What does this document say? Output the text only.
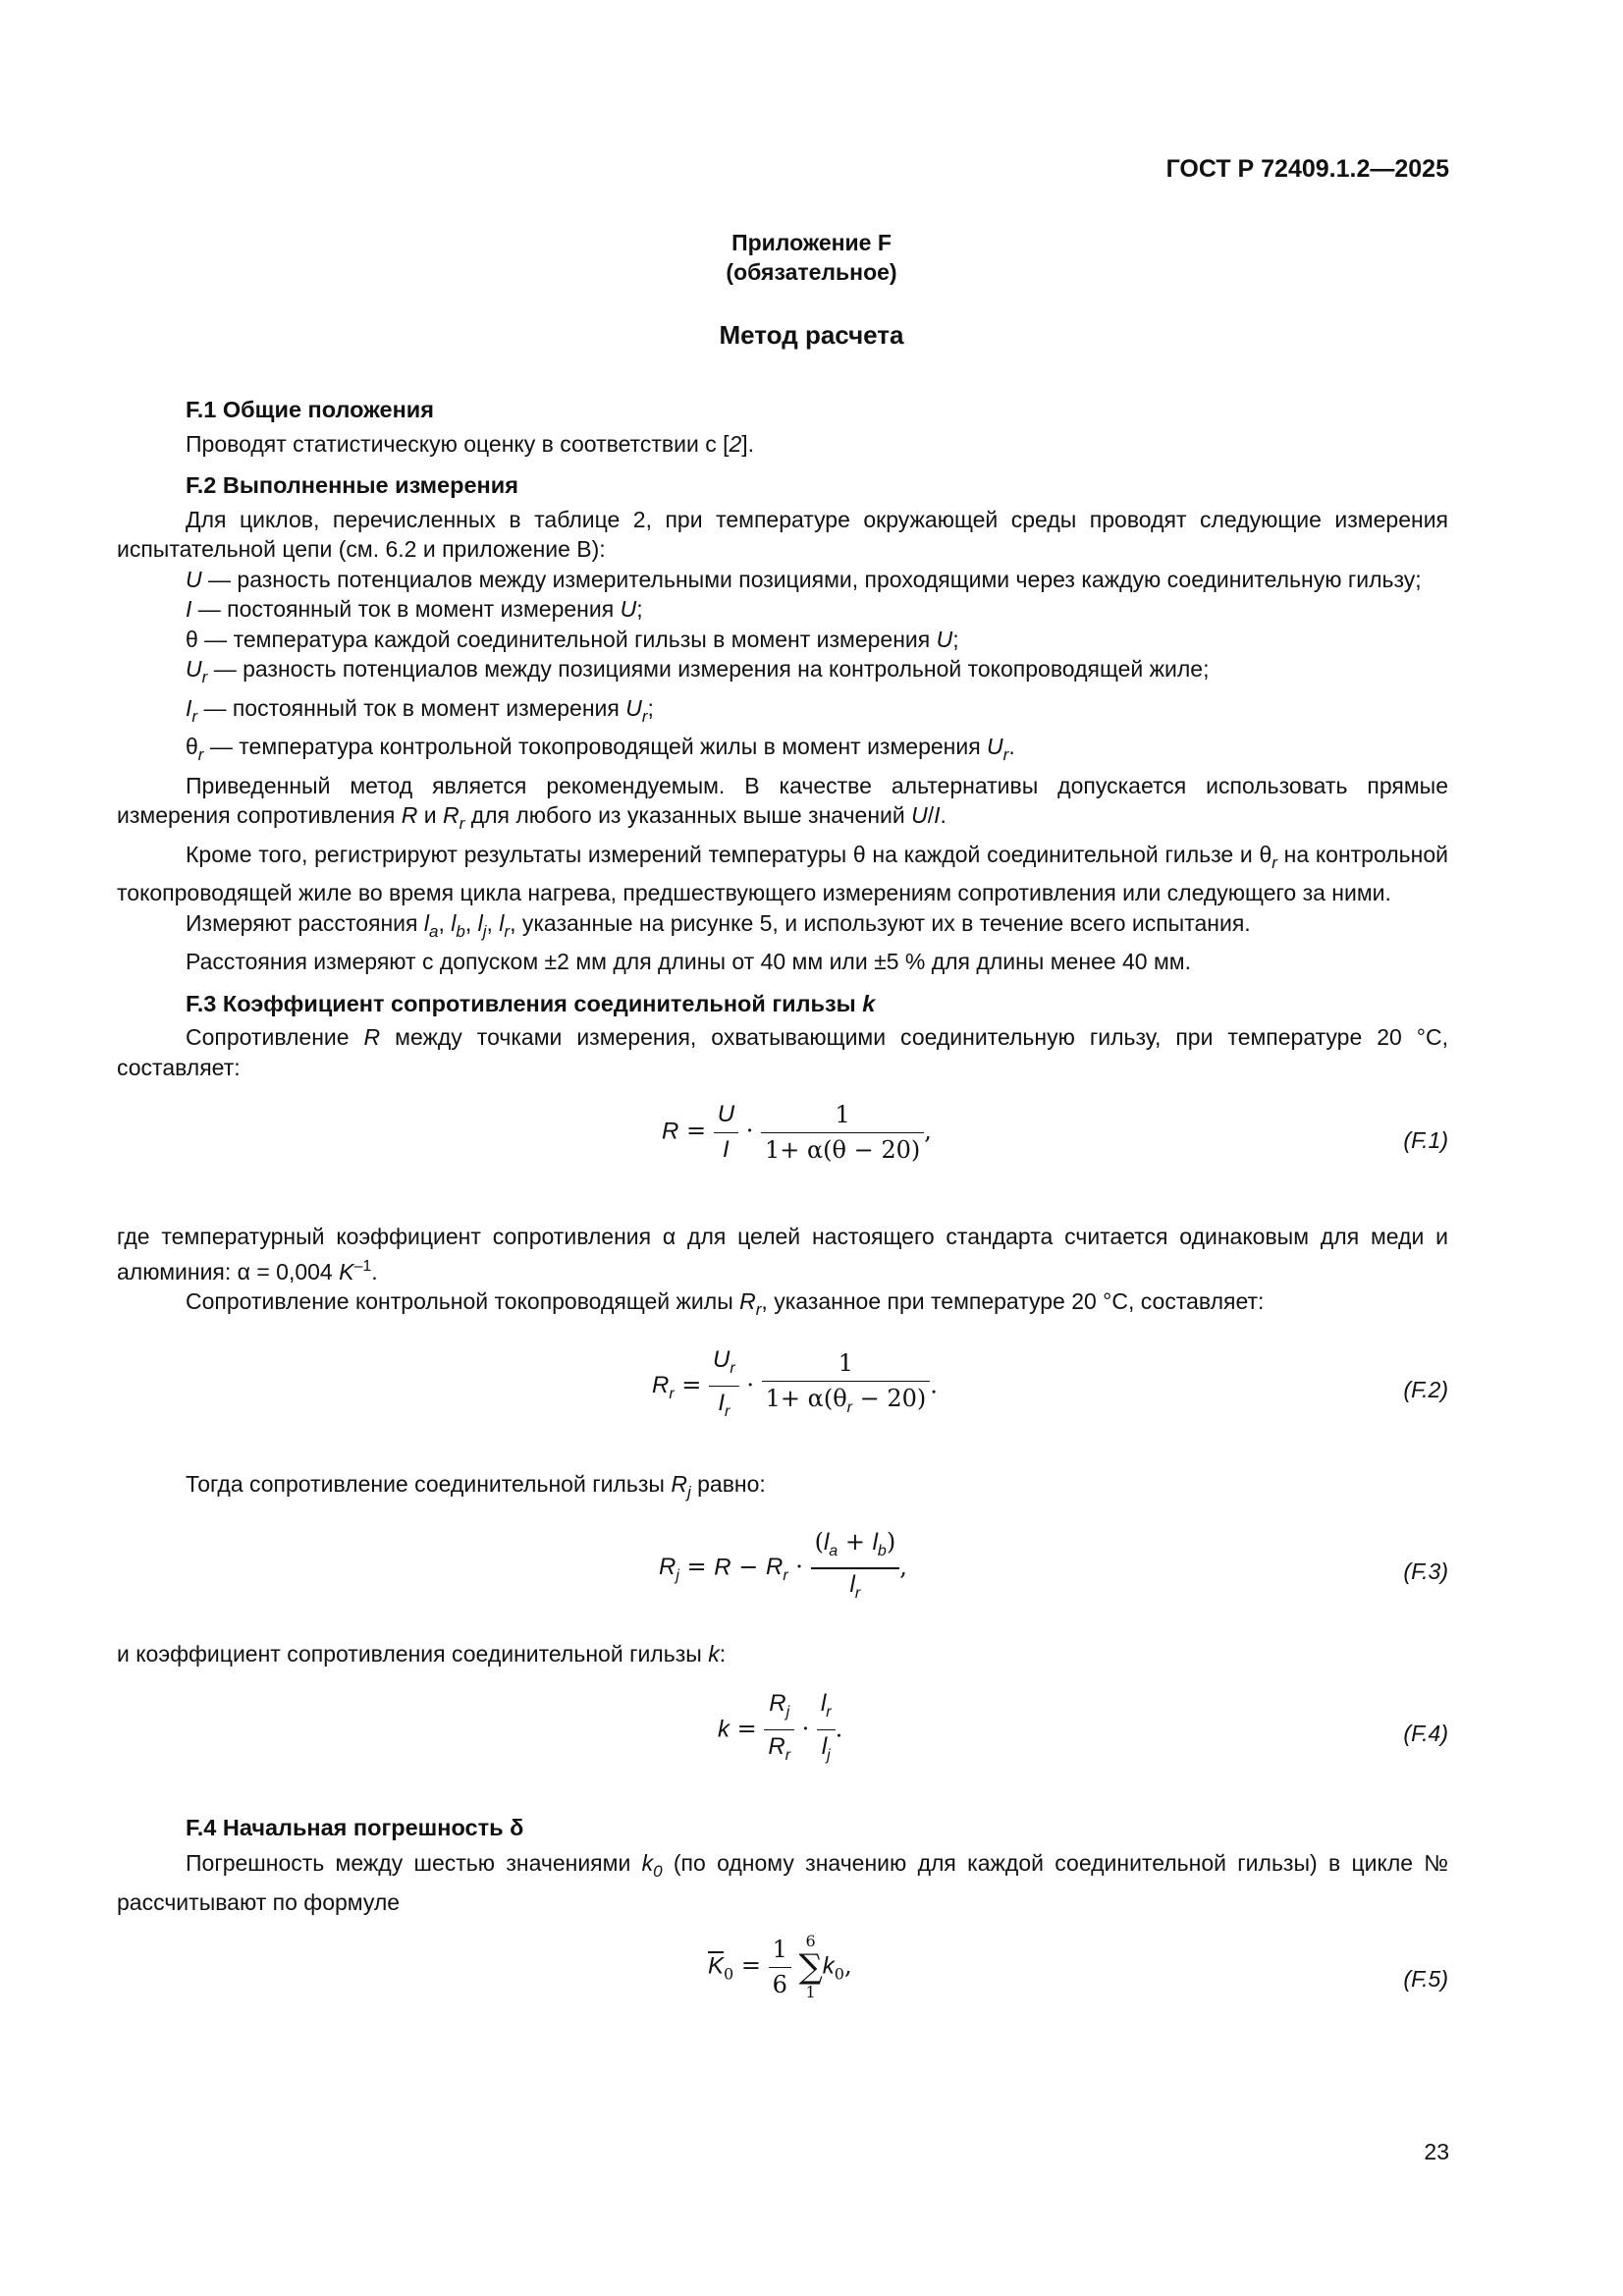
ГОСТ Р 72409.1.2—2025
Приложение F
(обязательное)
Метод расчета
F.1 Общие положения
Проводят статистическую оценку в соответствии с [2].
F.2 Выполненные измерения
Для циклов, перечисленных в таблице 2, при температуре окружающей среды проводят следующие измерения испытательной цепи (см. 6.2 и приложение B):
U — разность потенциалов между измерительными позициями, проходящими через каждую соединительную гильзу;
I — постоянный ток в момент измерения U;
θ — температура каждой соединительной гильзы в момент измерения U;
$U_r$ — разность потенциалов между позициями измерения на контрольной токопроводящей жиле;
$I_r$ — постоянный ток в момент измерения $U_r$;
$\theta_r$ — температура контрольной токопроводящей жилы в момент измерения $U_r$.
Приведенный метод является рекомендуемым. В качестве альтернативы допускается использовать прямые измерения сопротивления R и $R_r$ для любого из указанных выше значений U/I.
Кроме того, регистрируют результаты измерений температуры θ на каждой соединительной гильзе и $\theta_r$ на контрольной токопроводящей жиле во время цикла нагрева, предшествующего измерениям сопротивления или следующего за ними.
Измеряют расстояния $l_a$, $l_b$, $l_j$, $l_r$, указанные на рисунке 5, и используют их в течение всего испытания.
Расстояния измеряют с допуском ±2 мм для длины от 40 мм или ±5 % для длины менее 40 мм.
F.3 Коэффициент сопротивления соединительной гильзы k
Сопротивление R между точками измерения, охватывающими соединительную гильзу, при температуре 20 °C, составляет:
$R = \frac{U}{I} \cdot \frac{1}{1+ \alpha(\theta - 20)}$ ,	(F.1)
где температурный коэффициент сопротивления α для целей настоящего стандарта считается одинаковым для меди и алюминия: α = 0,004 $K^{-1}$.
Сопротивление контрольной токопроводящей жилы $R_r$, указанное при температуре 20 °C, составляет:
$R_r = \frac{U_r}{I_r} \cdot \frac{1}{1+ \alpha(\theta_r - 20)}$ .	(F.2)
Тогда сопротивление соединительной гильзы $R_j$ равно:
$R_j = R - R_r \cdot \frac{(l_a + l_b)}{l_r}$ ,	(F.3)
и коэффициент сопротивления соединительной гильзы k:
$k = \frac{R_j}{R_r} \cdot \frac{l_r}{l_j}$ .	(F.4)
F.4 Начальная погрешность δ
Погрешность между шестью значениями $k_0$ (по одному значению для каждой соединительной гильзы) в цикле № рассчитывают по формуле
$\overline{K}_0 = \frac{1}{6} 6$
∑
$1k_0$,	(F.5)
23
